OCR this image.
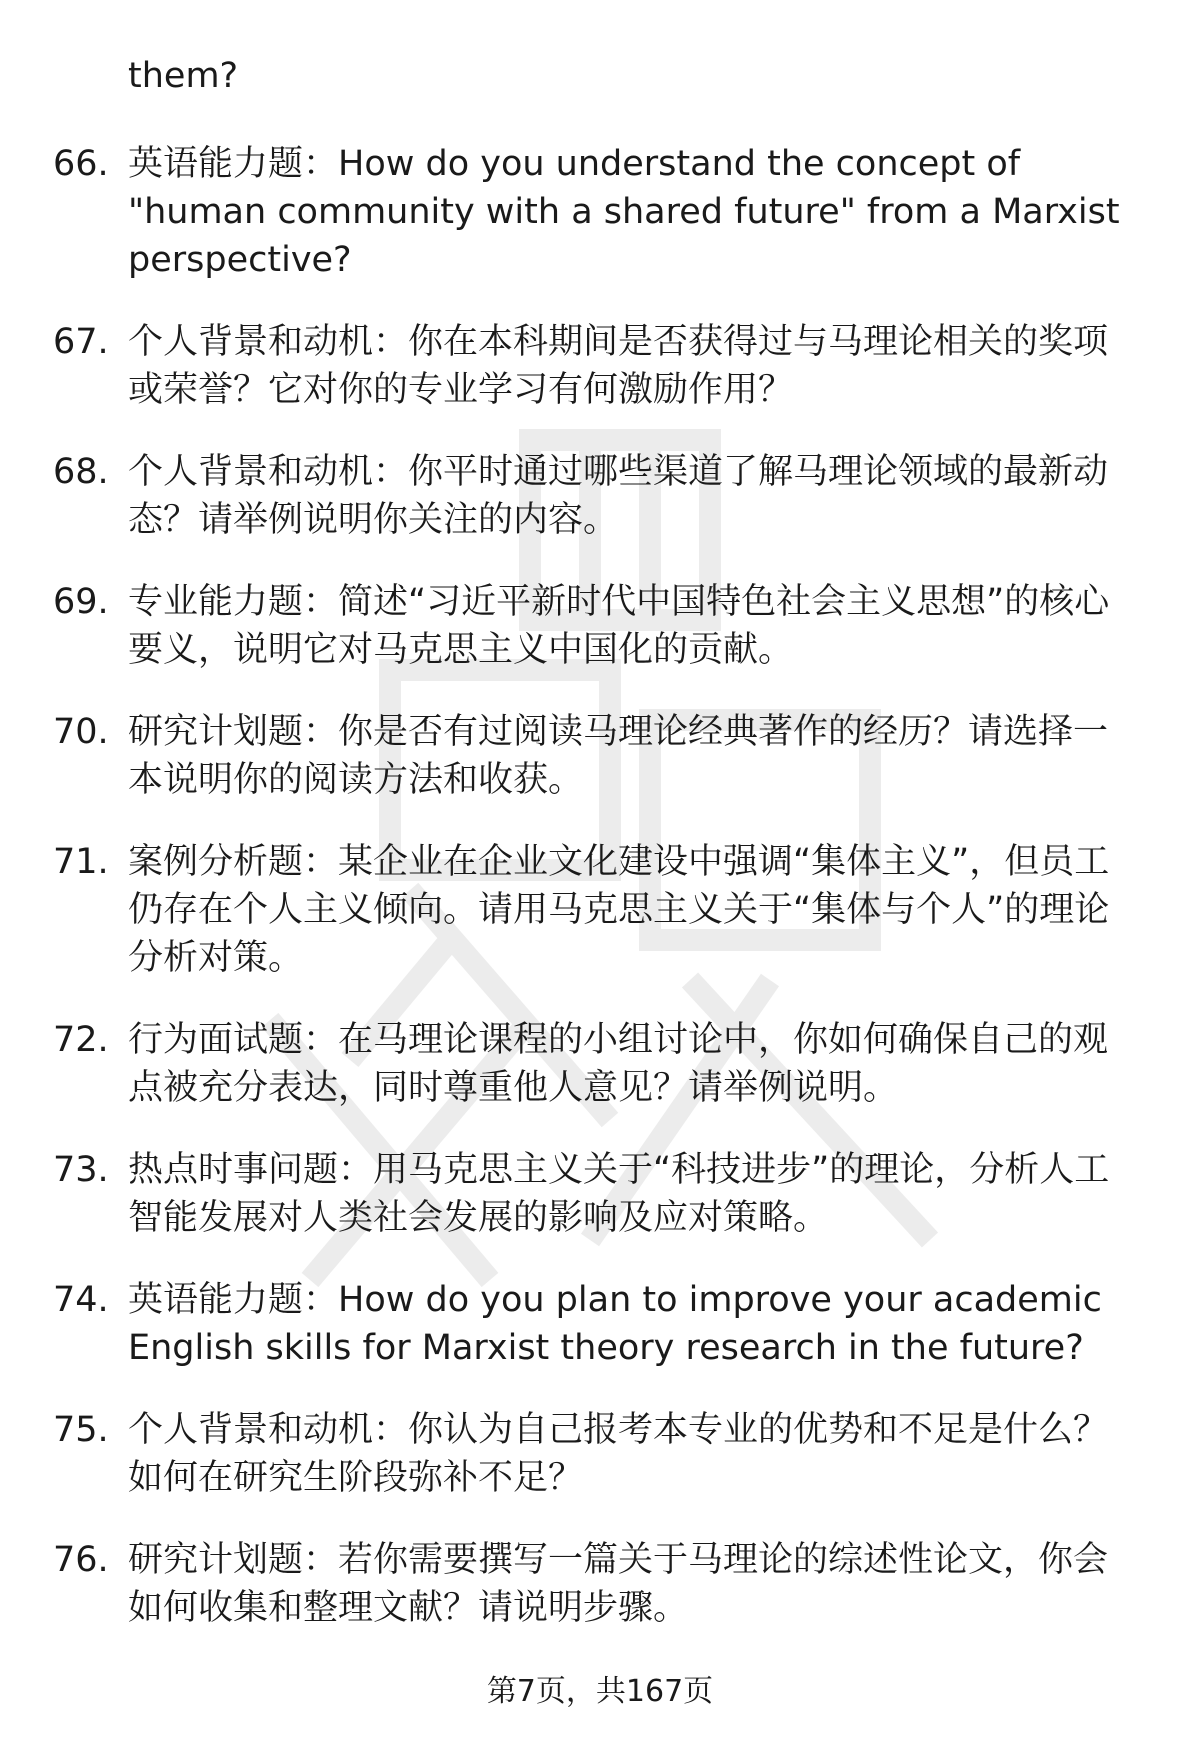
them?

66. 英语能力题：How do you understand the concept of "human community with a shared future" from a Marxist perspective?
67. 个人背景和动机：你在本科期间是否获得过与马理论相关的奖项或荣誉？它对你的专业学习有何激励作用？
68. 个人背景和动机：你平时通过哪些渠道了解马理论领域的最新动态？请举例说明你关注的内容。
69. 专业能力题：简述“习近平新时代中国特色社会主义思想”的核心要义，说明它对马克思主义中国化的贡献。
70. 研究计划题：你是否有过阅读马理论经典著作的经历？请选择一本说明你的阅读方法和收获。
71. 案例分析题：某企业在企业文化建设中强调“集体主义”，但员工仍存在个人主义倾向。请用马克思主义关于“集体与个人”的理论分析对策。
72. 行为面试题：在马理论课程的小组讨论中，你如何确保自己的观点被充分表达，同时尊重他人意见？请举例说明。
73. 热点时事问题：用马克思主义关于“科技进步”的理论，分析人工智能发展对人类社会发展的影响及应对策略。
74. 英语能力题：How do you plan to improve your academic English skills for Marxist theory research in the future?
75. 个人背景和动机：你认为自己报考本专业的优势和不足是什么？如何在研究生阶段弥补不足？
76. 研究计划题：若你需要撰写一篇关于马理论的综述性论文，你会如何收集和整理文献？请说明步骤。
第7页，共167页
